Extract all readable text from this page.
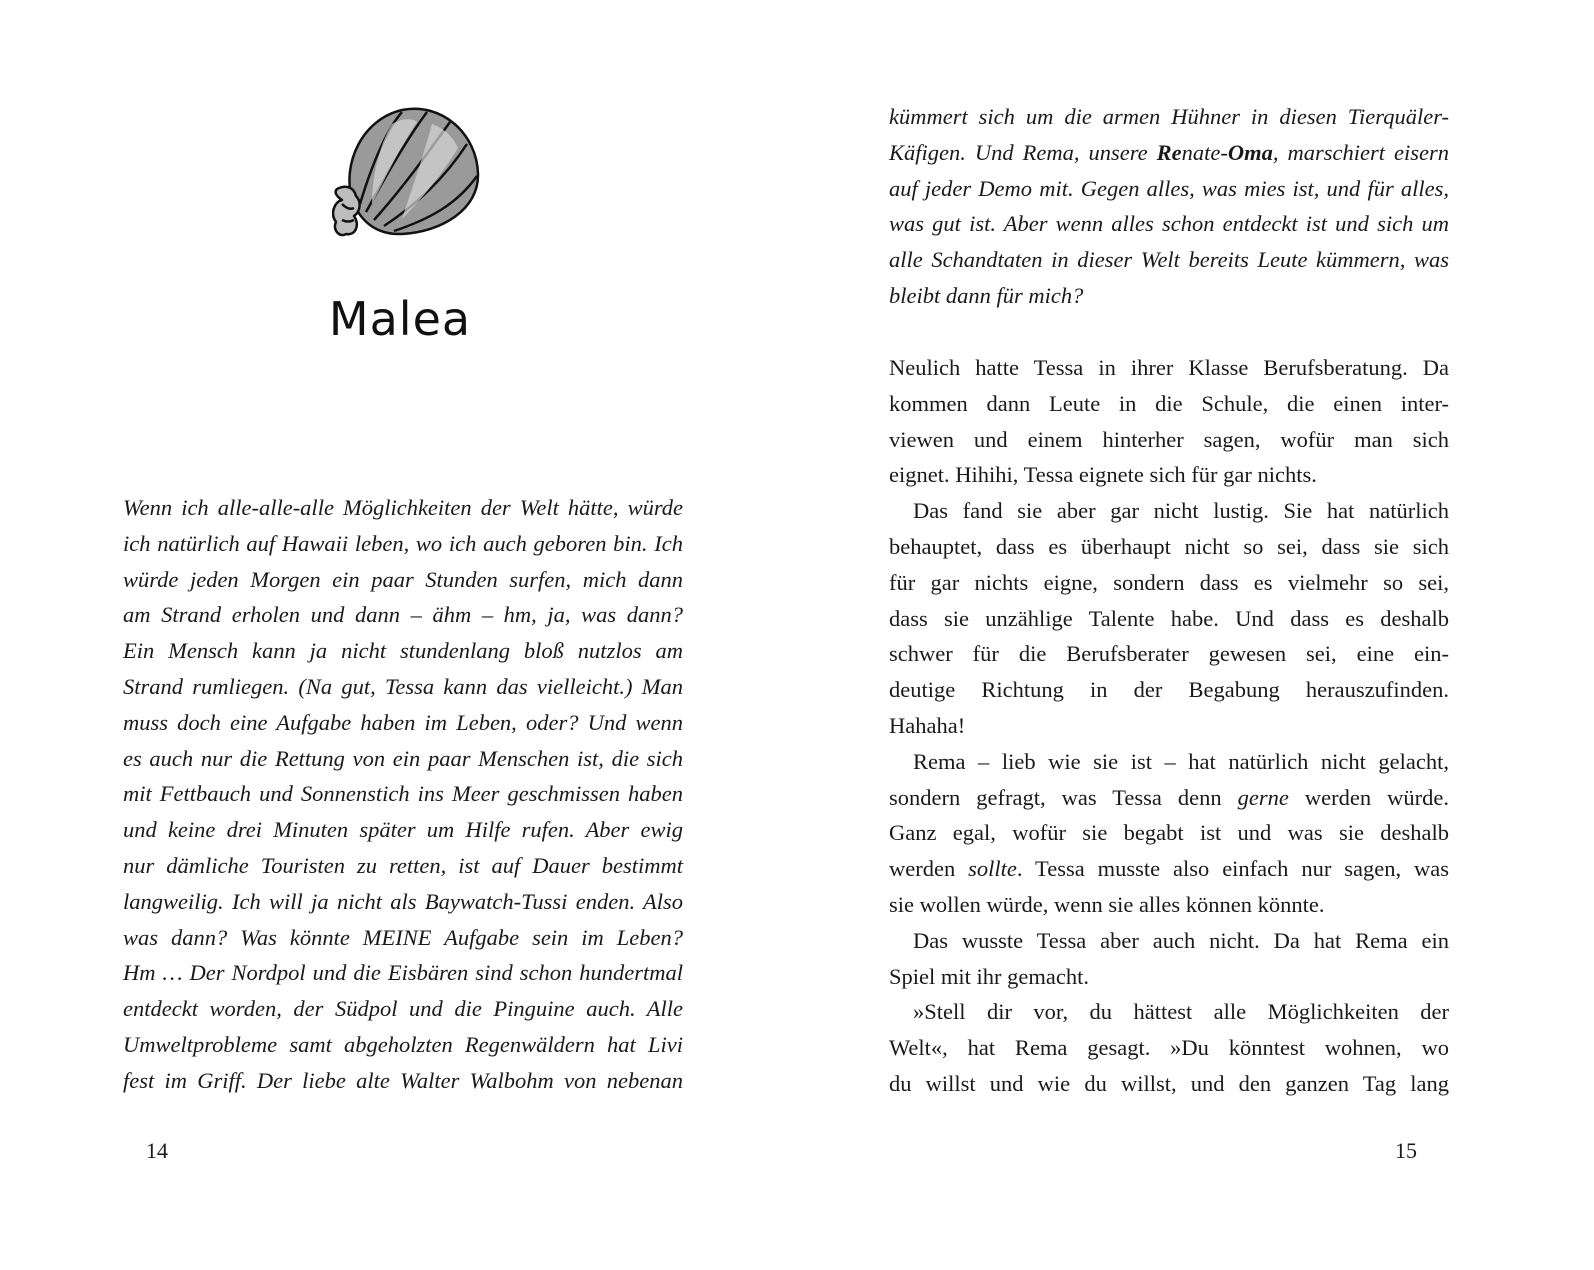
Malea
Wenn ich alle-alle-alle Möglichkeiten der Welt hätte, würde
ich natürlich auf Hawaii leben, wo ich auch geboren bin. Ich
würde jeden Morgen ein paar Stunden surfen, mich dann
am Strand erholen und dann – ähm – hm, ja, was dann?
Ein Mensch kann ja nicht stundenlang bloß nutzlos am
Strand rumliegen. (Na gut, Tessa kann das vielleicht.) Man
muss doch eine Aufgabe haben im Leben, oder? Und wenn
es auch nur die Rettung von ein paar Menschen ist, die sich
mit Fettbauch und Sonnenstich ins Meer geschmissen haben
und keine drei Minuten später um Hilfe rufen. Aber ewig
nur dämliche Touristen zu retten, ist auf Dauer bestimmt
langweilig. Ich will ja nicht als Baywatch-Tussi enden. Also
was dann? Was könnte MEINE Aufgabe sein im Leben?
Hm … Der Nordpol und die Eisbären sind schon hundertmal
entdeckt worden, der Südpol und die Pinguine auch. Alle
Umweltprobleme samt abgeholzten Regenwäldern hat Livi
fest im Griff. Der liebe alte Walter Walbohm von nebenan
14
kümmert sich um die armen Hühner in diesen Tierquäler-
Käfigen. Und Rema, unsere Renate-Oma, marschiert eisern
auf jeder Demo mit. Gegen alles, was mies ist, und für alles,
was gut ist. Aber wenn alles schon entdeckt ist und sich um
alle Schandtaten in dieser Welt bereits Leute kümmern, was
bleibt dann für mich?
Neulich hatte Tessa in ihrer Klasse Berufsberatung. Da
kommen dann Leute in die Schule, die einen inter-
viewen und einem hinterher sagen, wofür man sich
eignet. Hihihi, Tessa eignete sich für gar nichts.
Das fand sie aber gar nicht lustig. Sie hat natürlich
behauptet, dass es überhaupt nicht so sei, dass sie sich
für gar nichts eigne, sondern dass es vielmehr so sei,
dass sie unzählige Talente habe. Und dass es deshalb
schwer für die Berufsberater gewesen sei, eine ein-
deutige Richtung in der Begabung herauszufinden.
Hahaha!
Rema – lieb wie sie ist – hat natürlich nicht gelacht,
sondern gefragt, was Tessa denn gerne werden würde.
Ganz egal, wofür sie begabt ist und was sie deshalb
werden sollte. Tessa musste also einfach nur sagen, was
sie wollen würde, wenn sie alles können könnte.
Das wusste Tessa aber auch nicht. Da hat Rema ein
Spiel mit ihr gemacht.
»Stell dir vor, du hättest alle Möglichkeiten der
Welt«, hat Rema gesagt. »Du könntest wohnen, wo
du willst und wie du willst, und den ganzen Tag lang
15
